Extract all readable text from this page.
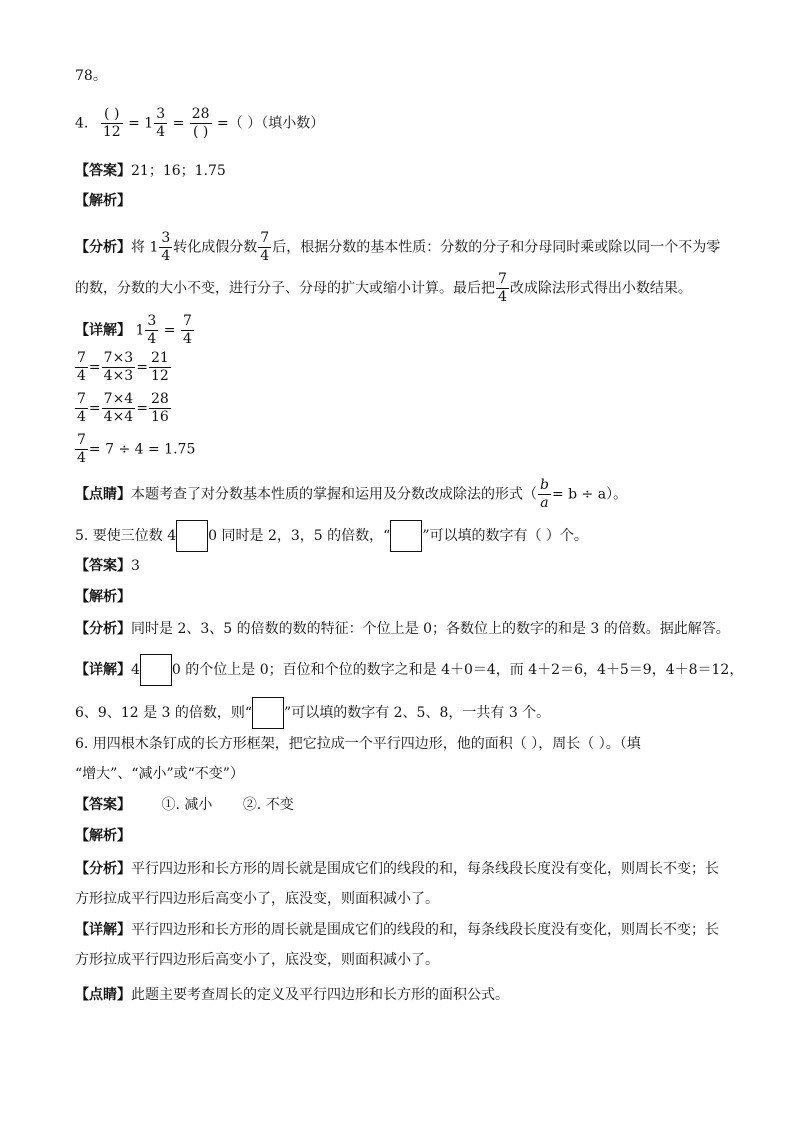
78。
4. $\frac{( )}{12} = 1 \frac{3}{4} = \frac{28}{( )}$ =（ ）（填小数）
【答案】21；16；1.75
【解析】
【分析】将 $1 \frac{3}{4}$ 转化成假分数 $\frac{7}{4}$ 后，根据分数的基本性质：分数的分子和分母同时乘或除以同一个不为零
的数，分数的大小不变，进行分子、分母的扩大或缩小计算。最后把 $\frac{7}{4}$ 改成除法形式得出小数结果。
【详解】 $1 \frac{3}{4} = \frac{7}{4}$
$\frac{7}{4} = \frac{7\times 3}{4\times 3} = \frac{21}{12}$
$\frac{7}{4} = \frac{7\times 4}{4\times 4} = \frac{28}{16}$
$\frac{7}{4} = 7 \div 4 = 1.75$
【点睛】本题考查了对分数基本性质的掌握和运用及分数改成除法的形式（ $\frac{b}{a} = b \div a$）。
5. 要使三位数 4 0 同时是 2，3，5 的倍数，“ ”可以填的数字有（ ）个。
【答案】3
【解析】
【分析】同时是 2、3、5 的倍数的数的特征：个位上是 0；各数位上的数字的和是 3 的倍数。据此解答。
【详解】4 0 的个位上是 0；百位和个位的数字之和是 4＋0＝4，而 4＋2＝6，4＋5＝9，4＋8＝12，
6、9、12 是 3 的倍数，则“ ”可以填的数字有 2、5、8，一共有 3 个。
6. 用四根木条钉成的长方形框架，把它拉成一个平行四边形，他的面积（ ），周长（ ）。（填
“增大”、“减小”或“不变”）
【答案】 ①. 减小 ②. 不变
【解析】
【分析】平行四边形和长方形的周长就是围成它们的线段的和，每条线段长度没有变化，则周长不变；长
方形拉成平行四边形后高变小了，底没变，则面积减小了。
【详解】平行四边形和长方形的周长就是围成它们的线段的和，每条线段长度没有变化，则周长不变；长
方形拉成平行四边形后高变小了，底没变，则面积减小了。
【点睛】此题主要考查周长的定义及平行四边形和长方形的面积公式。
